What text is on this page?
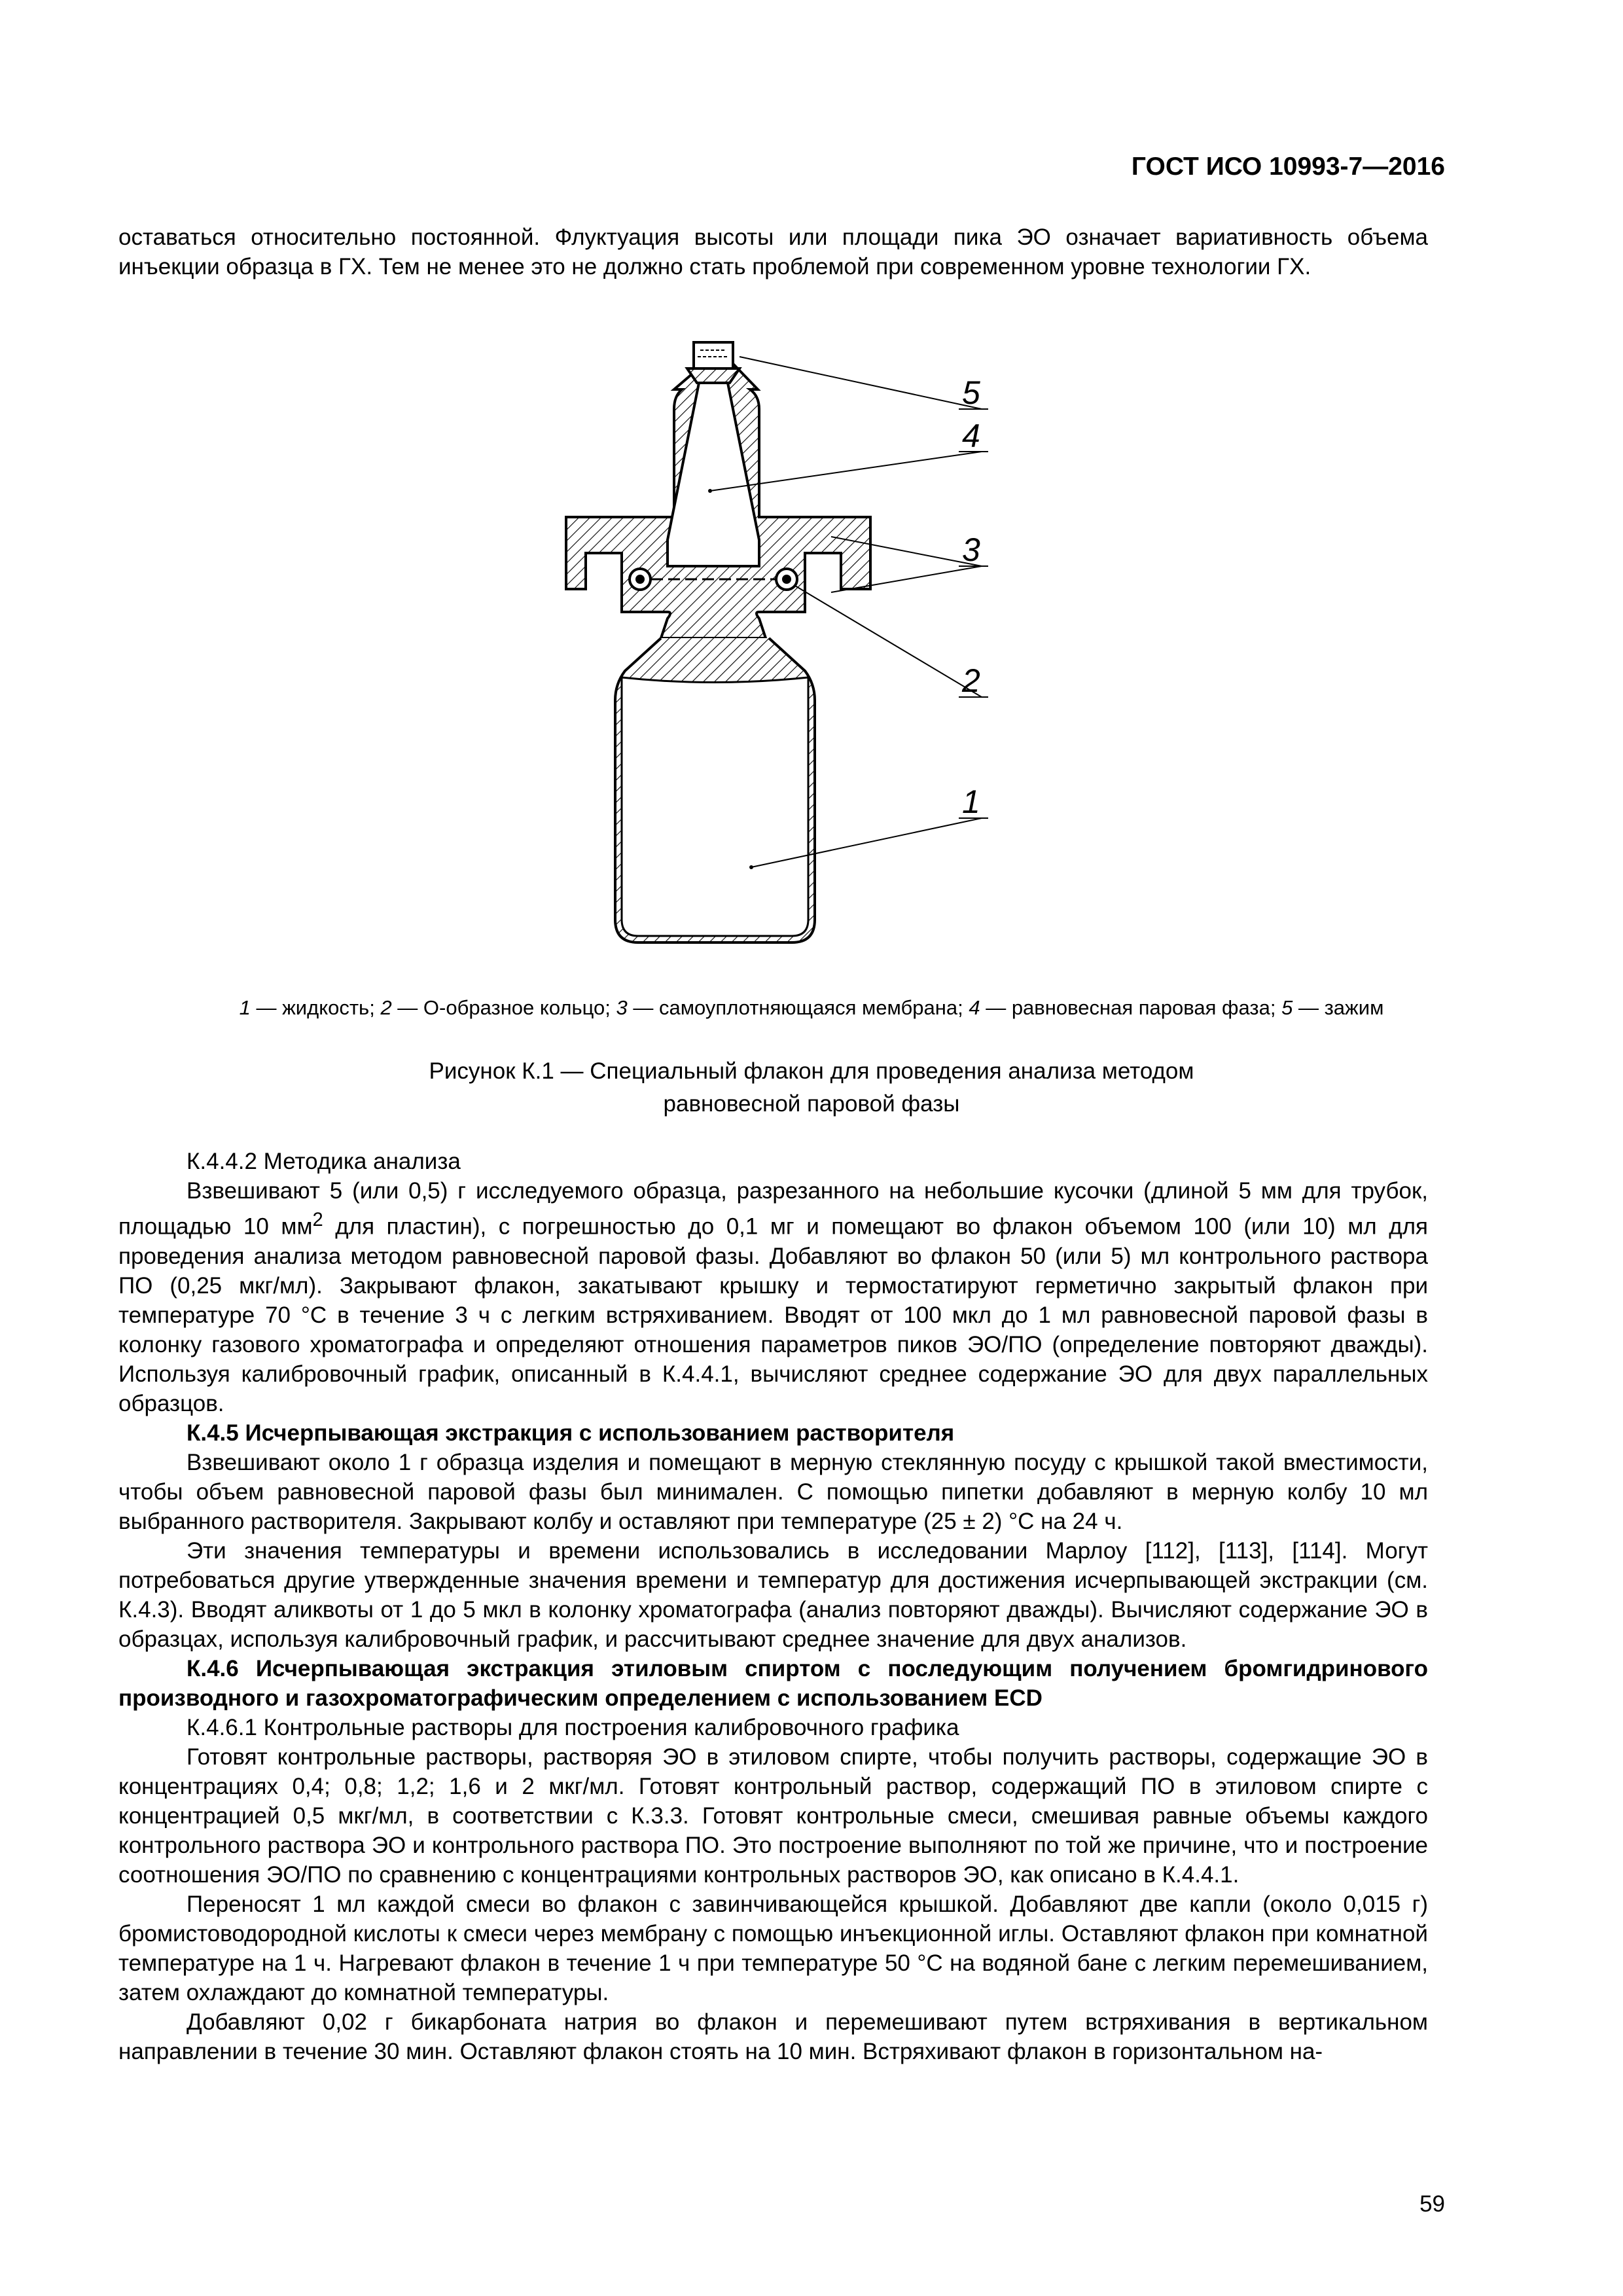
ГОСТ ИСО 10993-7—2016

оставаться относительно постоянной. Флуктуация высоты или площади пика ЭО означает вариативность объема инъекции образца в ГХ. Тем не менее это не должно стать проблемой при современном уровне технологии ГХ.

5
4
3
2
1
1 — жидкость; 2 — О-образное кольцо; 3 — самоуплотняющаяся мембрана; 4 — равновесная паровая фаза; 5 — зажим
Рисунок К.1 — Специальный флакон для проведения анализа методом
равновесной паровой фазы

К.4.4.2 Методика анализа

Взвешивают 5 (или 0,5) г исследуемого образца, разрезанного на небольшие кусочки (длиной 5 мм для трубок, площадью 10 $мм^2$ для пластин), с погрешностью до 0,1 мг и помещают во флакон объемом 100 (или 10) мл для проведения анализа методом равновесной паровой фазы. Добавляют во флакон 50 (или 5) мл контрольного раствора ПО (0,25 мкг/мл). Закрывают флакон, закатывают крышку и термостатируют герметично закрытый флакон при температуре 70 °С в течение 3 ч с легким встряхиванием. Вводят от 100 мкл до 1 мл равновесной паровой фазы в колонку газового хроматографа и определяют отношения параметров пиков ЭО/ПО (определение повторяют дважды). Используя калибровочный график, описанный в К.4.4.1, вычисляют среднее содержание ЭО для двух параллельных образцов.

К.4.5 Исчерпывающая экстракция с использованием растворителя

Взвешивают около 1 г образца изделия и помещают в мерную стеклянную посуду с крышкой такой вместимости, чтобы объем равновесной паровой фазы был минимален. С помощью пипетки добавляют в мерную колбу 10 мл выбранного растворителя. Закрывают колбу и оставляют при температуре (25 ± 2) °С на 24 ч.

Эти значения температуры и времени использовались в исследовании Марлоу [112], [113], [114]. Могут потребоваться другие утвержденные значения времени и температур для достижения исчерпывающей экстракции (см. К.4.3). Вводят аликвоты от 1 до 5 мкл в колонку хроматографа (анализ повторяют дважды). Вычисляют содержание ЭО в образцах, используя калибровочный график, и рассчитывают среднее значение для двух анализов.

К.4.6 Исчерпывающая экстракция этиловым спиртом с последующим получением бромгидринового производного и газохроматографическим определением с использованием ECD

К.4.6.1 Контрольные растворы для построения калибровочного графика

Готовят контрольные растворы, растворяя ЭО в этиловом спирте, чтобы получить растворы, содержащие ЭО в концентрациях 0,4; 0,8; 1,2; 1,6 и 2 мкг/мл. Готовят контрольный раствор, содержащий ПО в этиловом спирте с концентрацией 0,5 мкг/мл, в соответствии с К.3.3. Готовят контрольные смеси, смешивая равные объемы каждого контрольного раствора ЭО и контрольного раствора ПО. Это построение выполняют по той же причине, что и построение соотношения ЭО/ПО по сравнению с концентрациями контрольных растворов ЭО, как описано в К.4.4.1.

Переносят 1 мл каждой смеси во флакон с завинчивающейся крышкой. Добавляют две капли (около 0,015 г) бромистоводородной кислоты к смеси через мембрану с помощью инъекционной иглы. Оставляют флакон при комнатной температуре на 1 ч. Нагревают флакон в течение 1 ч при температуре 50 °С на водяной бане с легким перемешиванием, затем охлаждают до комнатной температуры.

Добавляют 0,02 г бикарбоната натрия во флакон и перемешивают путем встряхивания в вертикальном направлении в течение 30 мин. Оставляют флакон стоять на 10 мин. Встряхивают флакон в горизонтальном на-

59
